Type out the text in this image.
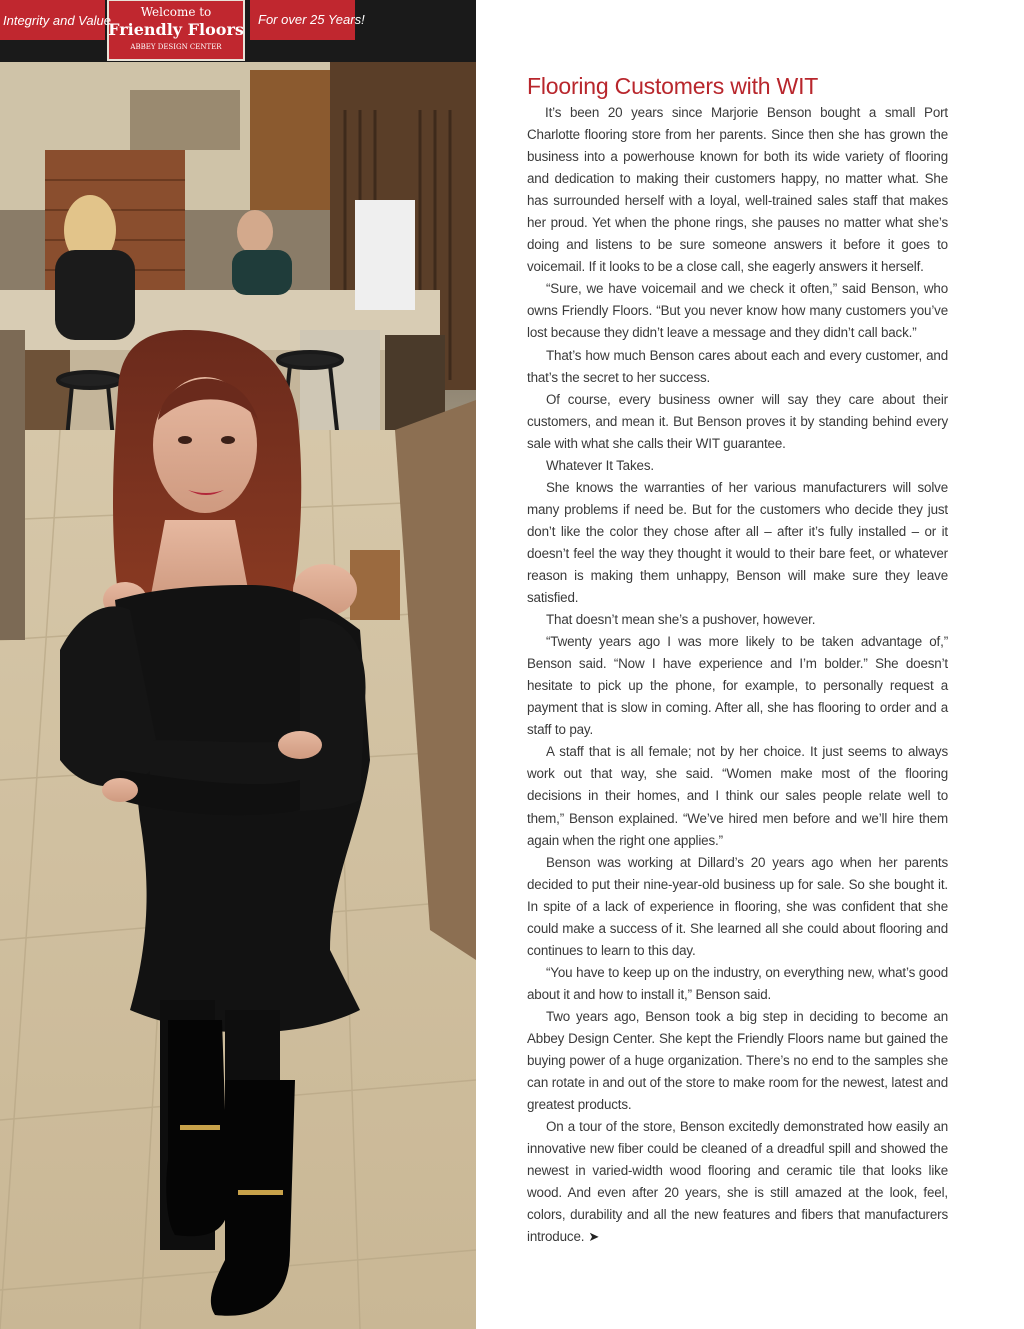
Integrity and Value	For over 25 Years!
Welcome to
Friendly Floors
ABBEY DESIGN CENTER
Flooring Customers with WIT

It’s been 20 years since Marjorie Benson bought a small Port Charlotte flooring store from her parents. Since then she has grown the business into a powerhouse known for both its wide variety of flooring and dedication to making their customers happy, no matter what. She has surrounded herself with a loyal, well-trained sales staff that makes her proud. Yet when the phone rings, she pauses no matter what she’s doing and listens to be sure someone answers it before it goes to voicemail. If it looks to be a close call, she eagerly answers it herself.

“Sure, we have voicemail and we check it often,” said Benson, who owns Friendly Floors. “But you never know how many customers you’ve lost because they didn’t leave a message and they didn’t call back.”

That’s how much Benson cares about each and every customer, and that’s the secret to her success.

Of course, every business owner will say they care about their customers, and mean it. But Benson proves it by standing behind every sale with what she calls their WIT guarantee.

Whatever It Takes.

She knows the warranties of her various manufacturers will solve many problems if need be. But for the customers who decide they just don’t like the color they chose after all – after it’s fully installed – or it doesn’t feel the way they thought it would to their bare feet, or whatever reason is making them unhappy, Benson will make sure they leave satisfied.

That doesn’t mean she’s a pushover, however.

“Twenty years ago I was more likely to be taken advantage of,” Benson said. “Now I have experience and I’m bolder.” She doesn’t hesitate to pick up the phone, for example, to personally request a payment that is slow in coming. After all, she has flooring to order and a staff to pay.

A staff that is all female; not by her choice. It just seems to always work out that way, she said. “Women make most of the flooring decisions in their homes, and I think our sales people relate well to them,” Benson explained. “We’ve hired men before and we’ll hire them again when the right one applies.”

Benson was working at Dillard’s 20 years ago when her parents decided to put their nine-year-old business up for sale. So she bought it. In spite of a lack of experience in flooring, she was confident that she could make a success of it. She learned all she could about flooring and continues to learn to this day.

“You have to keep up on the industry, on everything new, what’s good about it and how to install it,” Benson said.

Two years ago, Benson took a big step in deciding to become an Abbey Design Center. She kept the Friendly Floors name but gained the buying power of a huge organization. There’s no end to the samples she can rotate in and out of the store to make room for the newest, latest and greatest products.

On a tour of the store, Benson excitedly demonstrated how easily an innovative new fiber could be cleaned of a dreadful spill and showed the newest in varied-width wood flooring and ceramic tile that looks like wood. And even after 20 years, she is still amazed at the look, feel, colors, durability and all the new features and fibers that manufacturers introduce. ➤
